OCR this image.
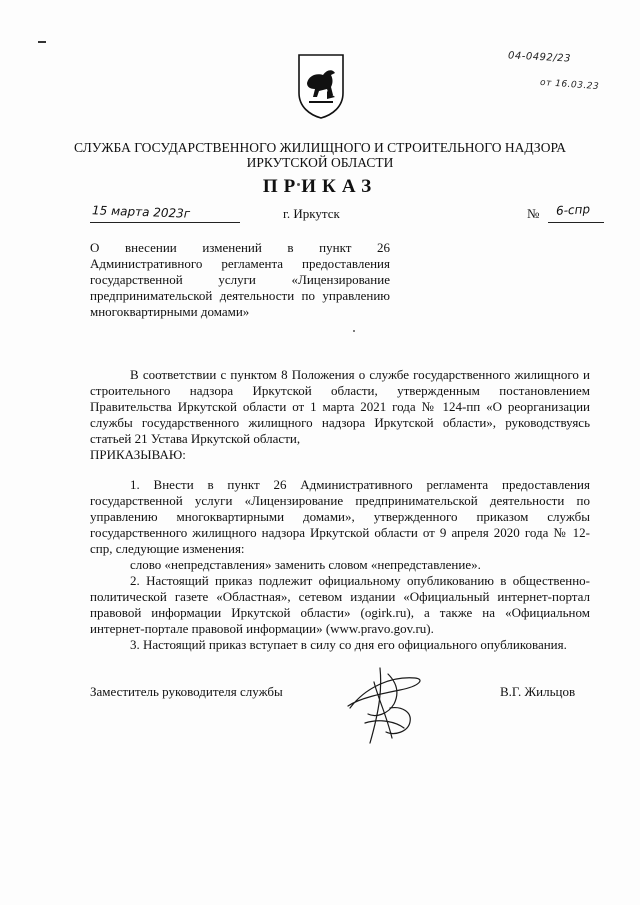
04-0492/23
от 16.03.23
СЛУЖБА ГОСУДАРСТВЕННОГО ЖИЛИЩНОГО И СТРОИТЕЛЬНОГО НАДЗОРА
ИРКУТСКОЙ ОБЛАСТИ
ПРИКАЗ
15 марта 2023г	г. Иркутск	№ 6-спр
О внесении изменений в пункт 26 Административного регламента предоставления государственной услуги «Лицензирование предпринимательской деятельности по управлению многоквартирными домами»
В соответствии с пунктом 8 Положения о службе государственного жилищного и строительного надзора Иркутской области, утвержденным постановлением Правительства Иркутской области от 1 марта 2021 года № 124-пп «О реорганизации службы государственного жилищного надзора Иркутской области», руководствуясь статьей 21 Устава Иркутской области,
ПРИКАЗЫВАЮ:
1. Внести в пункт 26 Административного регламента предоставления государственной услуги «Лицензирование предпринимательской деятельности по управлению многоквартирными домами», утвержденного приказом службы государственного жилищного надзора Иркутской области от 9 апреля 2020 года № 12-спр, следующие изменения:
слово «непредставления» заменить словом «непредставление».
2. Настоящий приказ подлежит официальному опубликованию в общественно-политической газете «Областная», сетевом издании «Официальный интернет-портал правовой информации Иркутской области» (ogirk.ru), а также на «Официальном интернет-портале правовой информации» (www.pravo.gov.ru).
3. Настоящий приказ вступает в силу со дня его официального опубликования.
Заместитель руководителя службы	В.Г. Жильцов
